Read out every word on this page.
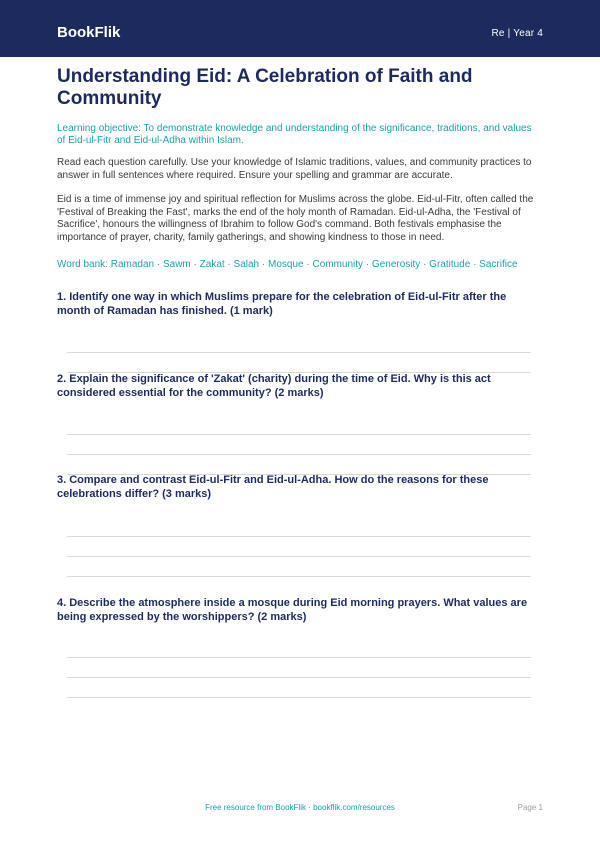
BookFlik	Re | Year 4
Understanding Eid: A Celebration of Faith and Community
Learning objective: To demonstrate knowledge and understanding of the significance, traditions, and values of Eid-ul-Fitr and Eid-ul-Adha within Islam.
Read each question carefully. Use your knowledge of Islamic traditions, values, and community practices to answer in full sentences where required. Ensure your spelling and grammar are accurate.
Eid is a time of immense joy and spiritual reflection for Muslims across the globe. Eid-ul-Fitr, often called the 'Festival of Breaking the Fast', marks the end of the holy month of Ramadan. Eid-ul-Adha, the 'Festival of Sacrifice', honours the willingness of Ibrahim to follow God's command. Both festivals emphasise the importance of prayer, charity, family gatherings, and showing kindness to those in need.
Word bank: Ramadan · Sawm · Zakat · Salah · Mosque · Community · Generosity · Gratitude · Sacrifice
1. Identify one way in which Muslims prepare for the celebration of Eid-ul-Fitr after the month of Ramadan has finished. (1 mark)
2. Explain the significance of 'Zakat' (charity) during the time of Eid. Why is this act considered essential for the community? (2 marks)
3. Compare and contrast Eid-ul-Fitr and Eid-ul-Adha. How do the reasons for these celebrations differ? (3 marks)
4. Describe the atmosphere inside a mosque during Eid morning prayers. What values are being expressed by the worshippers? (2 marks)
Free resource from BookFlik · bookflik.com/resources	Page 1
